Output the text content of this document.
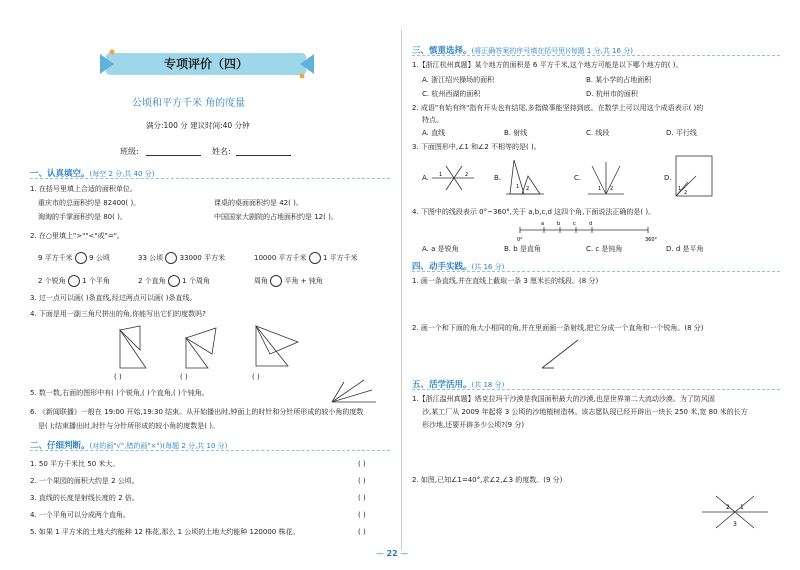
专项评价（四）
公顷和平方千米 角的度量
满分:100 分 建议时间:40 分钟
班级:	姓名:
一、认真填空。(每空 2 分,共 40 分)
1. 在括号里填上合适的面积单位。
重庆市的总面积约是 82400( )。	课桌的桌面面积约是 42( )。
淘淘的手掌面积约是 80( )。	中国国家大剧院的占地面积约是 12( )。
2. 在○里填上">""<"或"="。
9 平方千米 9 公顷	33 公顷 33000 平方米	10000 平方千米 1 平方千米
2 个锐角 1 个平角	2 个直角 1 个周角	周角 平角 + 钝角
3. 过一点可以画( )条直线,经过两点可以画( )条直线。
4. 下面是用一副三角尺拼出的角,你能写出它们的度数吗?
( )	( )	( )
5. 数一数,右面的图形中有( )个锐角,( )个直角,( )个钝角。
6. 《新闻联播》一般在 19:00 开始,19:30 结束。从开始播出时,钟面上的时针和分针所形成的较小角的度数
是( );结束播出时,时针与分针所形成的较小角的度数是( )。
二、仔细判断。(对的画"√",错的画"×")(每题 2 分,共 10 分)
1. 50 平方千米比 50 米大。	( )
2. 一个果园的面积大约是 2 公顷。	( )
3. 直线的长度是射线长度的 2 倍。	( )
4. 一个平角可以分成两个直角。	( )
5. 如果 1 平方米的土地大约能种 12 株花,那么 1 公顷的土地大约能种 120000 株花。	( )
三、慎重选择。(将正确答案的序号填在括号里)(每题 1 分,共 16 分)
1.【浙江杭州真题】某个地方的面积是 6 平方千米,这个地方可能是以下哪个地方的( )。
A. 浙江绍兴操场的面积	B. 某小学的占地面积
C. 杭州西湖的面积	D. 杭州市的面积
2. 成语"有始有终"指有开头也有结尾,多指做事能坚持到底。在数学上可以用这个成语表示( )的
特点。
A. 直线	B. 射线	C. 线段	D. 平行线
3. 下面图形中,∠1 和∠2 不相等的是( )。
A. 1	2	B.
1 2
C.
1 2
D.
1
2
4. 下图中的线段表示 0°~360°,关于 a,b,c,d 这四个角,下面说法正确的是( )。
0°
a	b	c	d
360°
A. a 是锐角	B. b 是直角	C. c 是钝角	D. d 是平角
四、动手实践。(共 16 分)
1. 画一条直线,并在直线上截取一条 3 厘米长的线段。(8 分)
2. 画一个和下面的角大小相同的角,并在里面画一条射线,把它分成一个直角和一个锐角。(8 分)
五、活学活用。(共 18 分)
1.【浙江温州真题】塔克拉玛干沙漠是我国面积最大的沙漠,也是世界第二大流动沙漠。为了防风固
沙,某工厂从 2009 年起将 3 公顷的沙地植树造林。该志愿队现已经开辟出一块长 250 米,宽 80 米的长方
形沙地,还要开辟多少公顷?(9 分)
2. 如图,已知∠1=40°,求∠2,∠3 的度数。(9 分)
2 1
3
— 22 —
